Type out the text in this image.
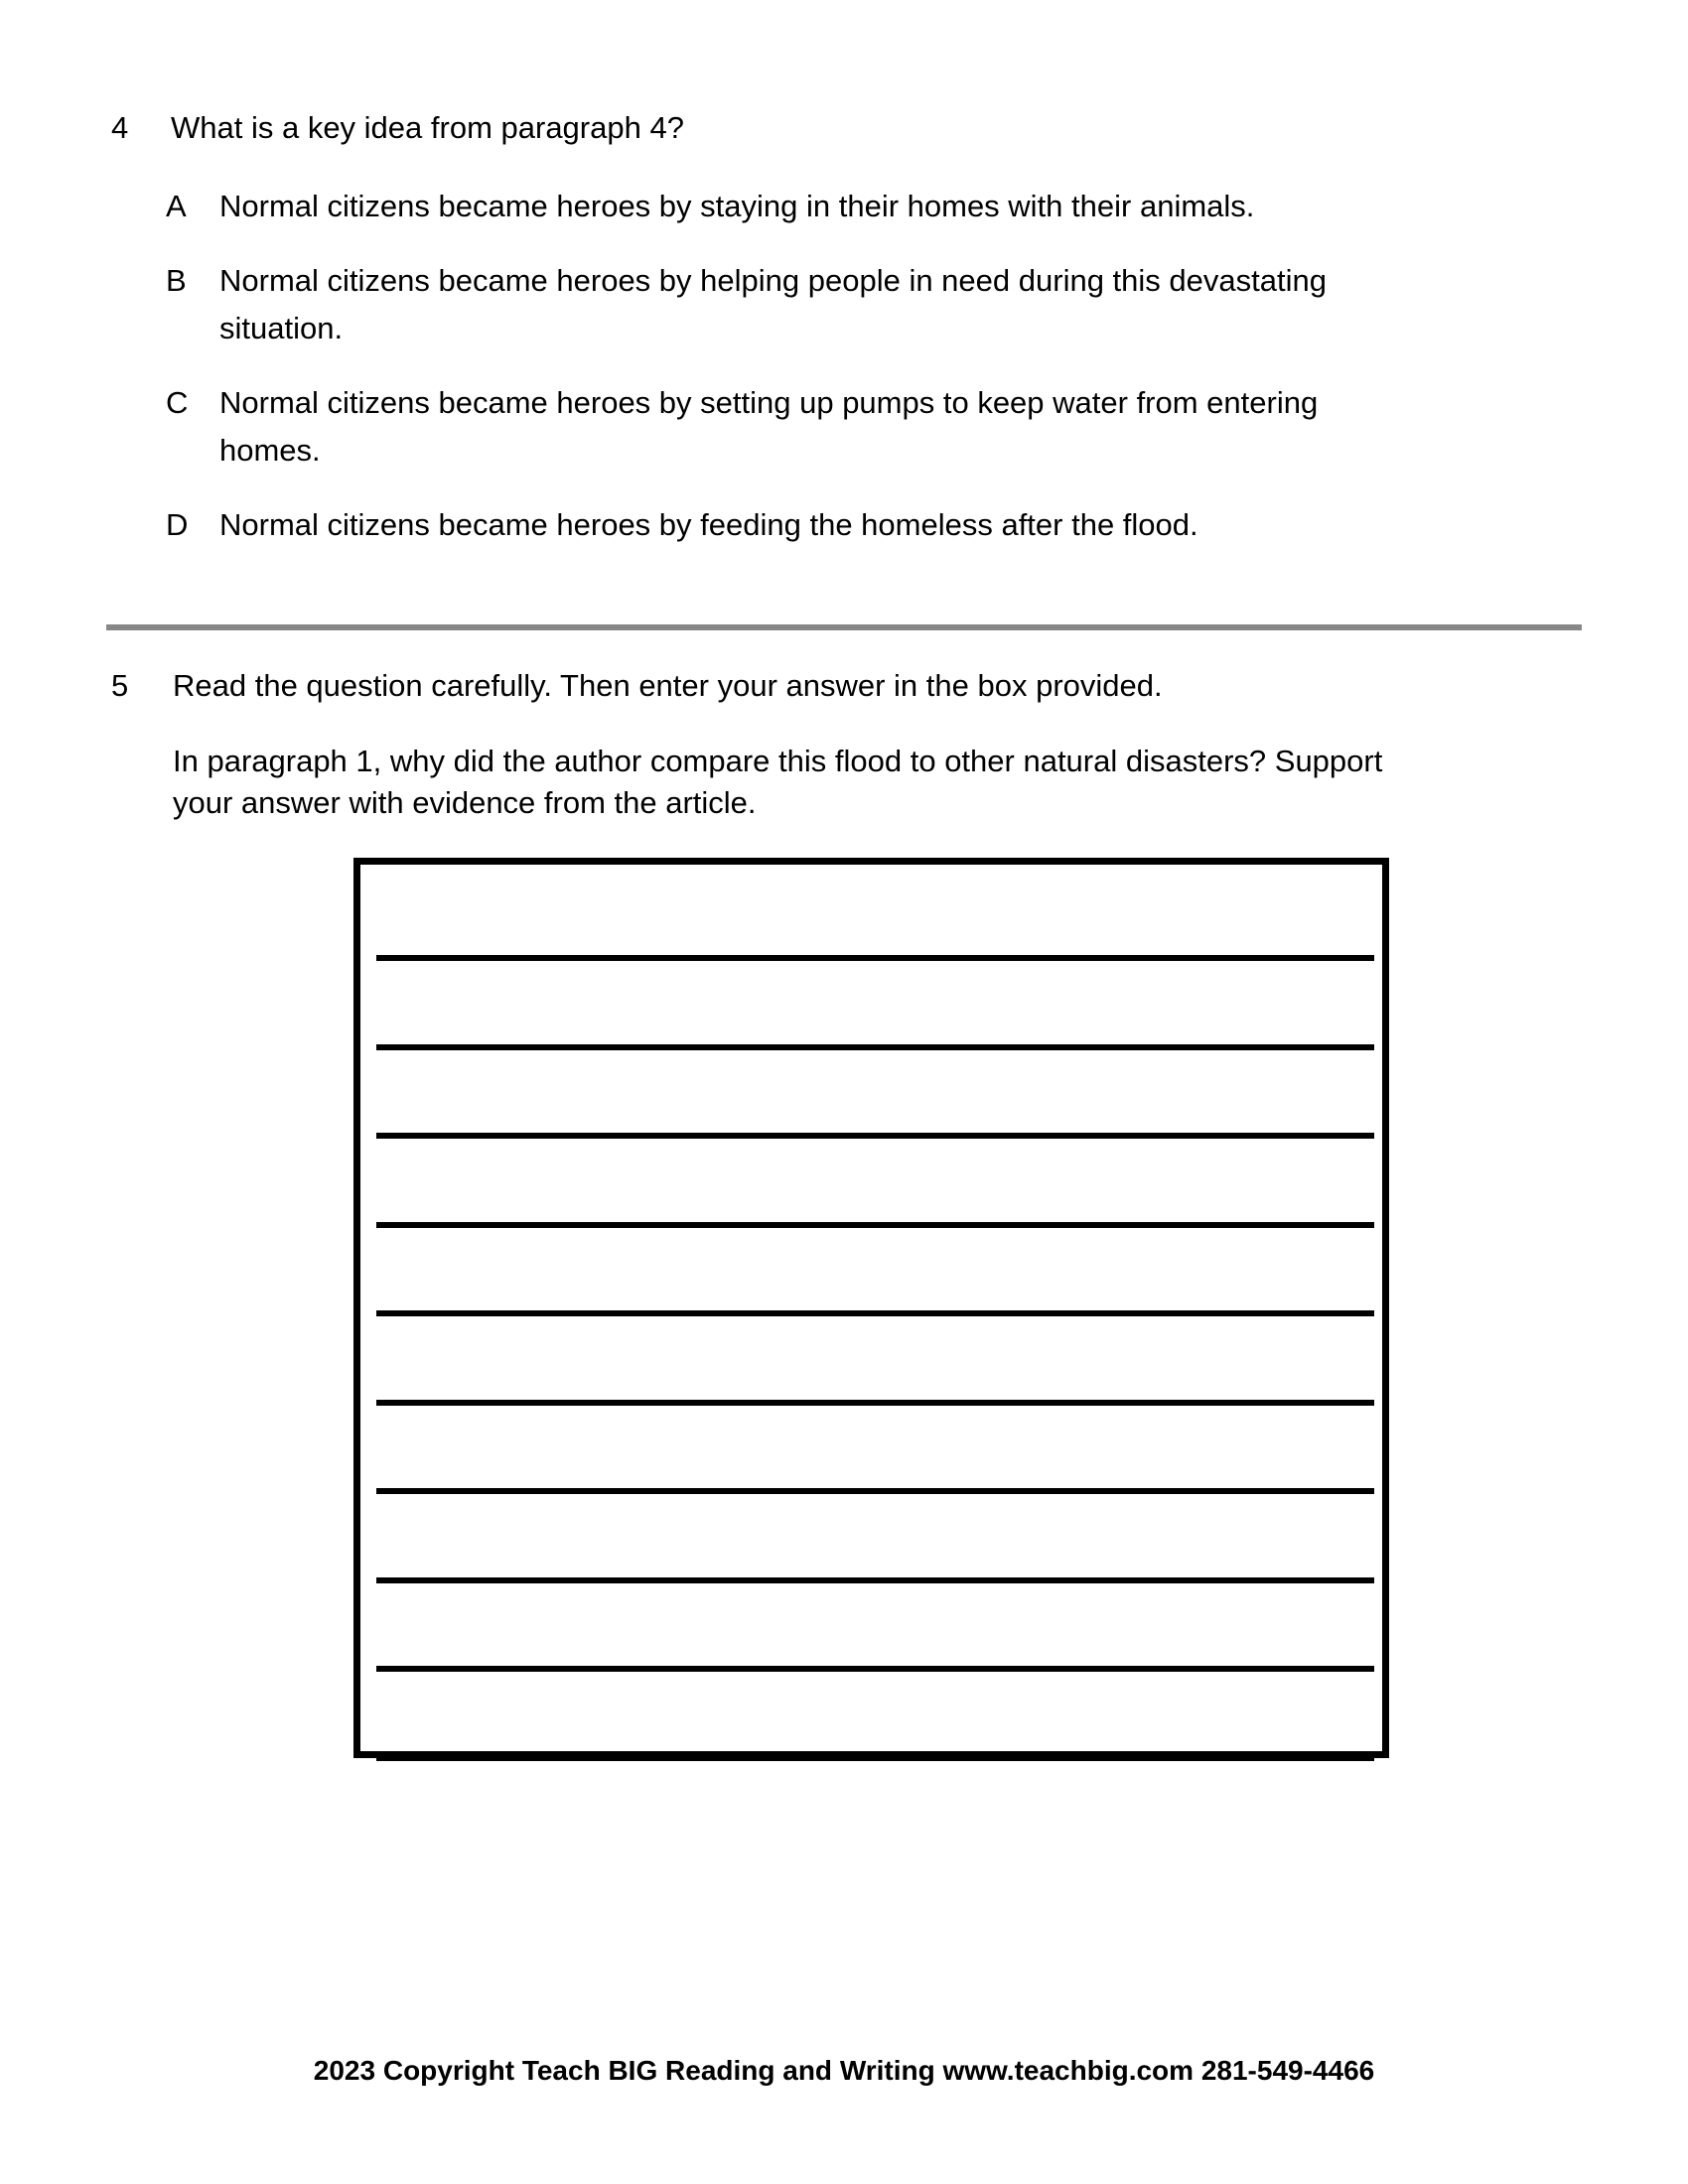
4	What is a key idea from paragraph 4?
A	Normal citizens became heroes by staying in their homes with their animals.
B	Normal citizens became heroes by helping people in need during this devastating situation.
C	Normal citizens became heroes by setting up pumps to keep water from entering homes.
D	Normal citizens became heroes by feeding the homeless after the flood.
5	Read the question carefully. Then enter your answer in the box provided.
In paragraph 1, why did the author compare this flood to other natural disasters? Support your answer with evidence from the article.
2023 Copyright Teach BIG Reading and Writing www.teachbig.com 281-549-4466
